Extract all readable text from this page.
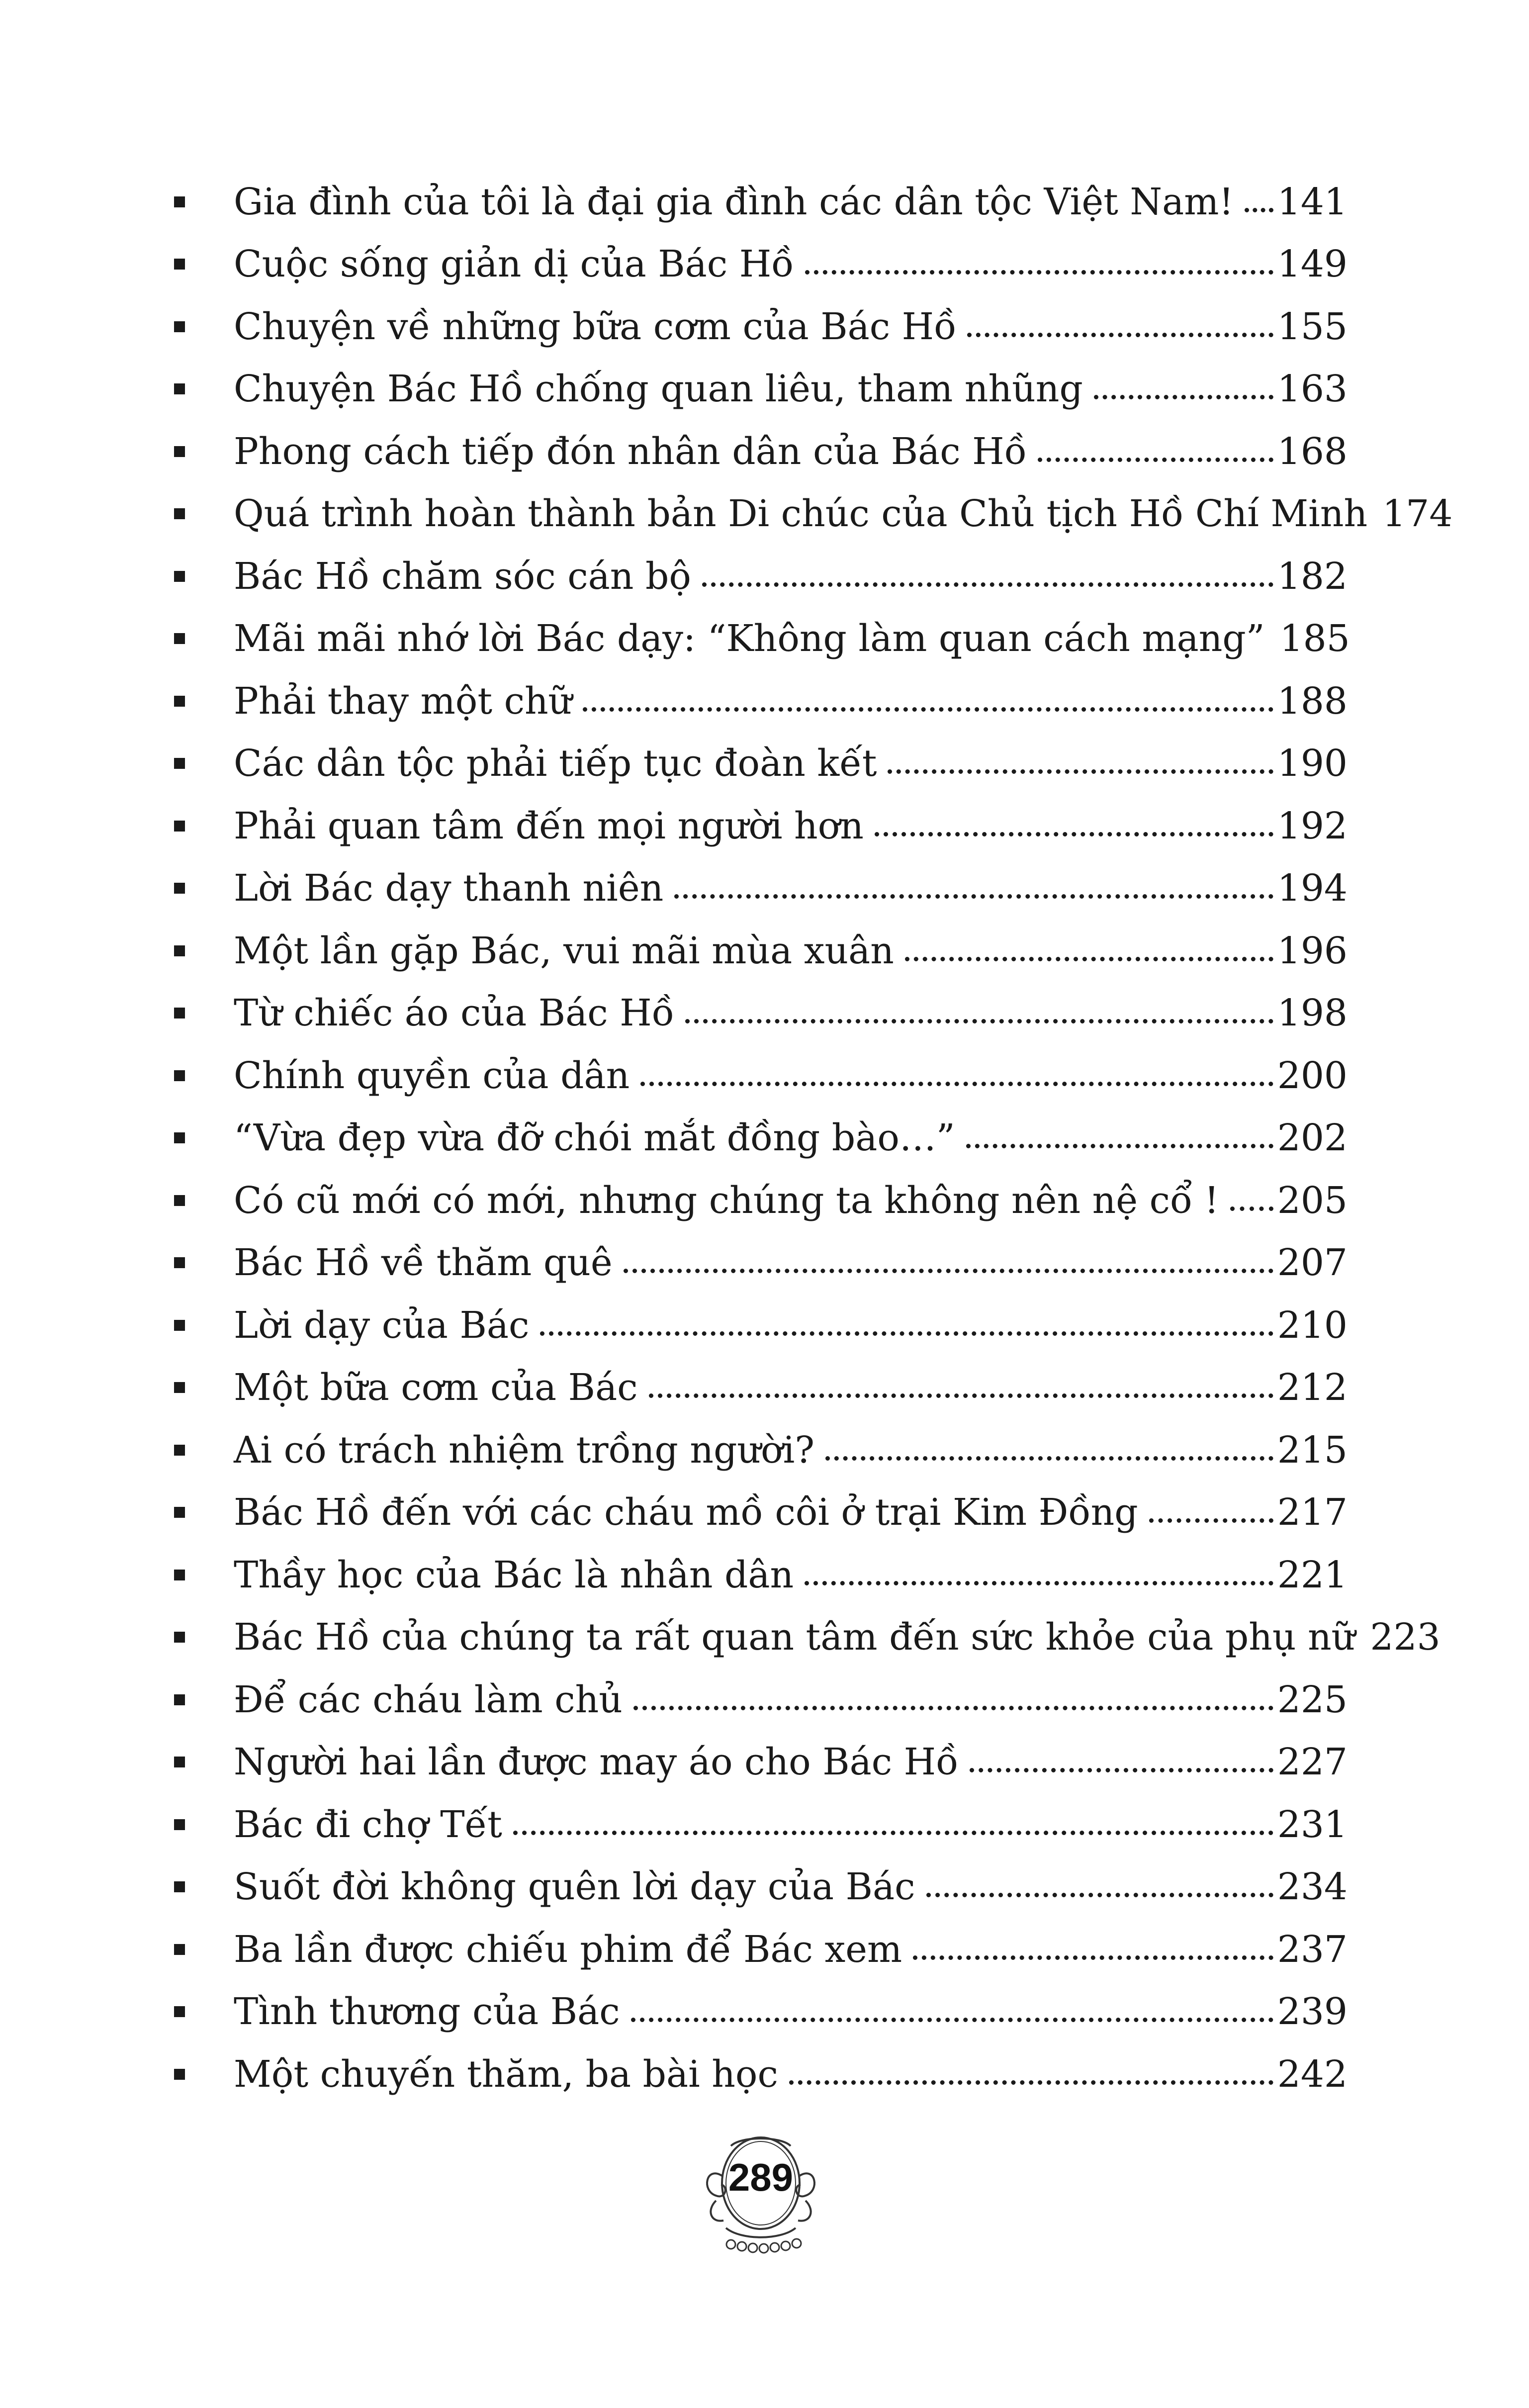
Gia đình của tôi là đại gia đình các dân tộc Việt Nam! 141
Cuộc sống giản dị của Bác Hồ	149
Chuyện về những bữa cơm của Bác Hồ	155
Chuyện Bác Hồ chống quan liêu, tham nhũng	163
Phong cách tiếp đón nhân dân của Bác Hồ	168
Quá trình hoàn thành bản Di chúc của Chủ tịch Hồ Chí Minh 174
Bác Hồ chăm sóc cán bộ	182
Mãi mãi nhớ lời Bác dạy: “Không làm quan cách mạng” 185
Phải thay một chữ	188
Các dân tộc phải tiếp tục đoàn kết	190
Phải quan tâm đến mọi người hơn	192
Lời Bác dạy thanh niên	194
Một lần gặp Bác, vui mãi mùa xuân	196
Từ chiếc áo của Bác Hồ	198
Chính quyền của dân	200
“Vừa đẹp vừa đỡ chói mắt đồng bào…”	202
Có cũ mới có mới, nhưng chúng ta không nên nệ cổ ! 205
Bác Hồ về thăm quê	207
Lời dạy của Bác	210
Một bữa cơm của Bác	212
Ai có trách nhiệm trồng người?	215
Bác Hồ đến với các cháu mồ côi ở trại Kim Đồng	217
Thầy học của Bác là nhân dân	221
Bác Hồ của chúng ta rất quan tâm đến sức khỏe của phụ nữ 223
Để các cháu làm chủ	225
Người hai lần được may áo cho Bác Hồ	227
Bác đi chợ Tết	231
Suốt đời không quên lời dạy của Bác	234
Ba lần được chiếu phim để Bác xem	237
Tình thương của Bác	239
Một chuyến thăm, ba bài học	242
289
